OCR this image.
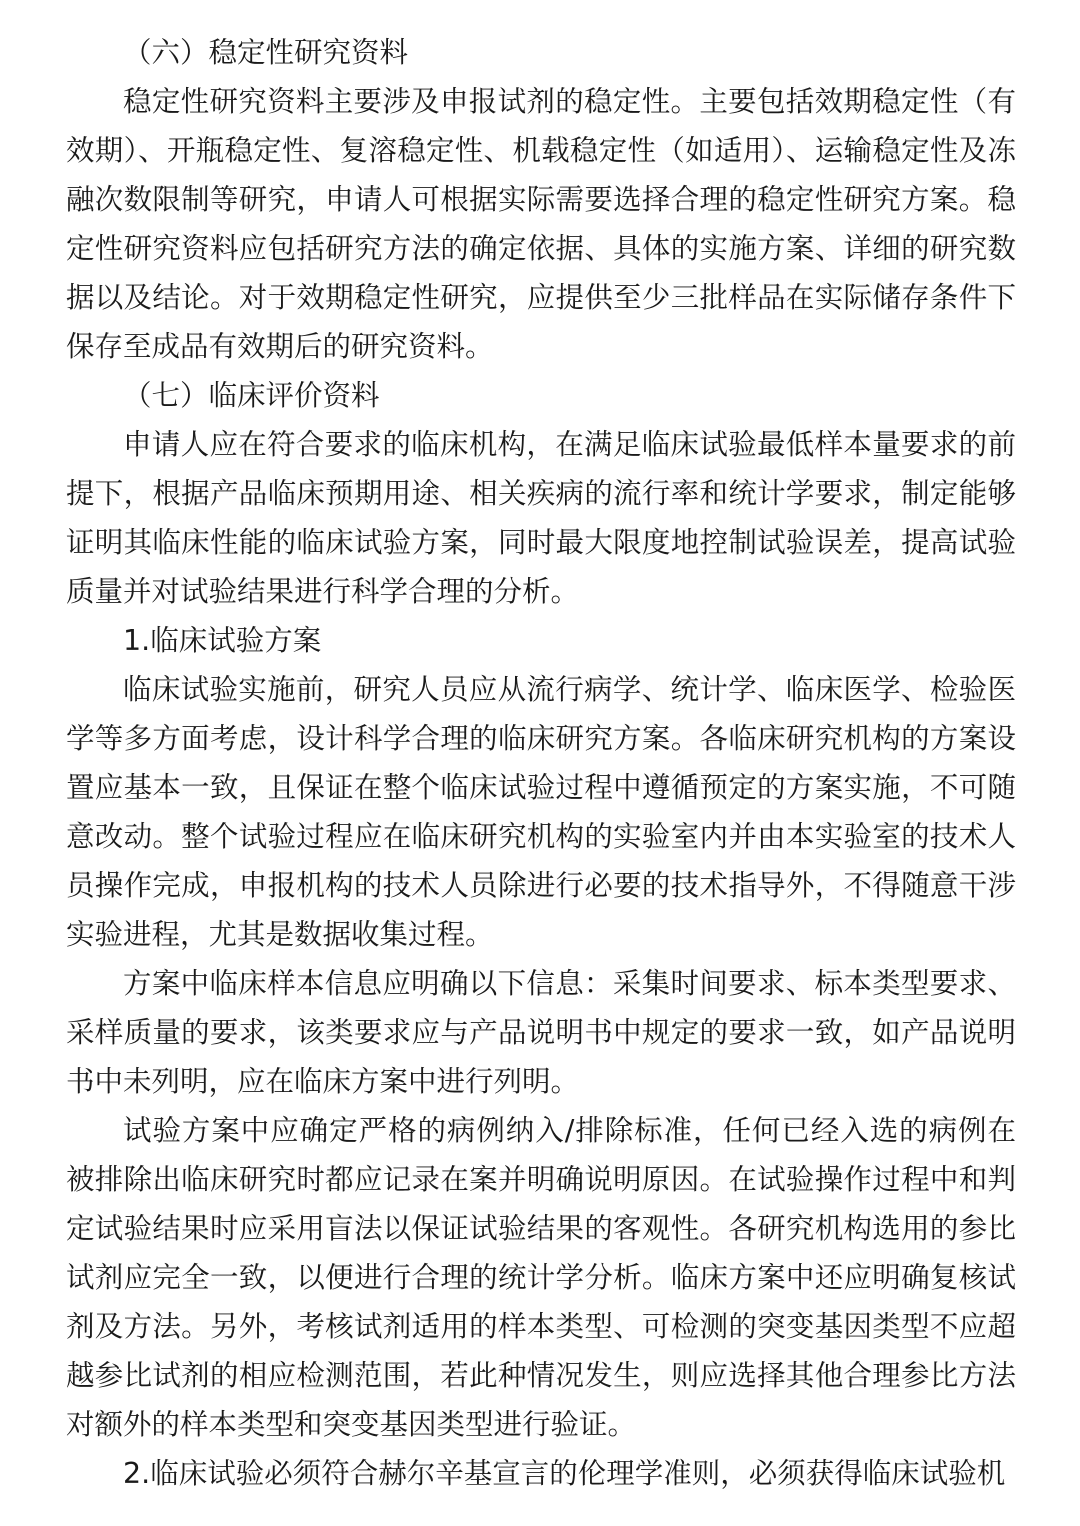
（六）稳定性研究资料

稳定性研究资料主要涉及申报试剂的稳定性。主要包括效期稳定性（有效期）、开瓶稳定性、复溶稳定性、机载稳定性（如适用）、运输稳定性及冻融次数限制等研究，申请人可根据实际需要选择合理的稳定性研究方案。稳定性研究资料应包括研究方法的确定依据、具体的实施方案、详细的研究数据以及结论。对于效期稳定性研究，应提供至少三批样品在实际储存条件下保存至成品有效期后的研究资料。

（七）临床评价资料

申请人应在符合要求的临床机构，在满足临床试验最低样本量要求的前提下，根据产品临床预期用途、相关疾病的流行率和统计学要求，制定能够证明其临床性能的临床试验方案，同时最大限度地控制试验误差，提高试验质量并对试验结果进行科学合理的分析。

1.临床试验方案

临床试验实施前，研究人员应从流行病学、统计学、临床医学、检验医学等多方面考虑，设计科学合理的临床研究方案。各临床研究机构的方案设置应基本一致，且保证在整个临床试验过程中遵循预定的方案实施，不可随意改动。整个试验过程应在临床研究机构的实验室内并由本实验室的技术人员操作完成，申报机构的技术人员除进行必要的技术指导外，不得随意干涉实验进程，尤其是数据收集过程。

方案中临床样本信息应明确以下信息：采集时间要求、标本类型要求、采样质量的要求，该类要求应与产品说明书中规定的要求一致，如产品说明书中未列明，应在临床方案中进行列明。

试验方案中应确定严格的病例纳入/排除标准，任何已经入选的病例在被排除出临床研究时都应记录在案并明确说明原因。在试验操作过程中和判定试验结果时应采用盲法以保证试验结果的客观性。各研究机构选用的参比试剂应完全一致，以便进行合理的统计学分析。临床方案中还应明确复核试剂及方法。另外，考核试剂适用的样本类型、可检测的突变基因类型不应超越参比试剂的相应检测范围，若此种情况发生，则应选择其他合理参比方法对额外的样本类型和突变基因类型进行验证。

2.临床试验必须符合赫尔辛基宣言的伦理学准则，必须获得临床试验机
